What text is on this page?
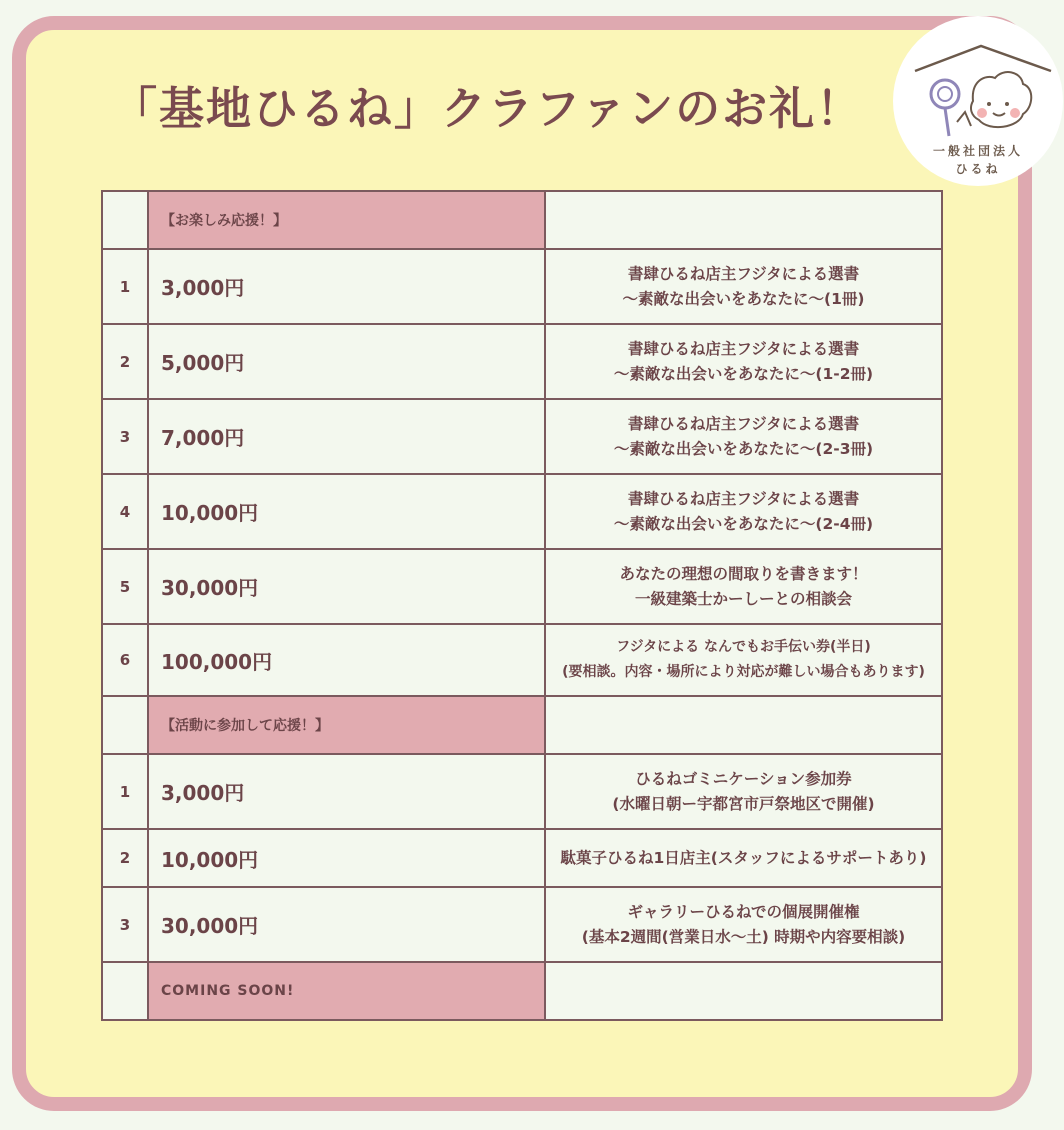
「基地ひるね」クラファンのお礼！
一般社団法人
ひるね
	【お楽しみ応援！】	
1	3,000円	書肆ひるね店主フジタによる選書
〜素敵な出会いをあなたに〜(1冊)

2	5,000円	書肆ひるね店主フジタによる選書
〜素敵な出会いをあなたに〜(1-2冊)

3	7,000円	書肆ひるね店主フジタによる選書
〜素敵な出会いをあなたに〜(2-3冊)

4	10,000円	書肆ひるね店主フジタによる選書
〜素敵な出会いをあなたに〜(2-4冊)

5	30,000円	あなたの理想の間取りを書きます！
一級建築士かーしーとの相談会

6	100,000円	フジタによる なんでもお手伝い券(半日)
(要相談。内容・場所により対応が難しい場合もあります)

	【活動に参加して応援！】	
1	3,000円	ひるねゴミニケーション参加券
(水曜日朝ー宇都宮市戸祭地区で開催)

2	10,000円	駄菓子ひるね1日店主(スタッフによるサポートあり)

3	30,000円	ギャラリーひるねでの個展開催権
(基本2週間(営業日水〜土) 時期や内容要相談)

	COMING SOON!	
